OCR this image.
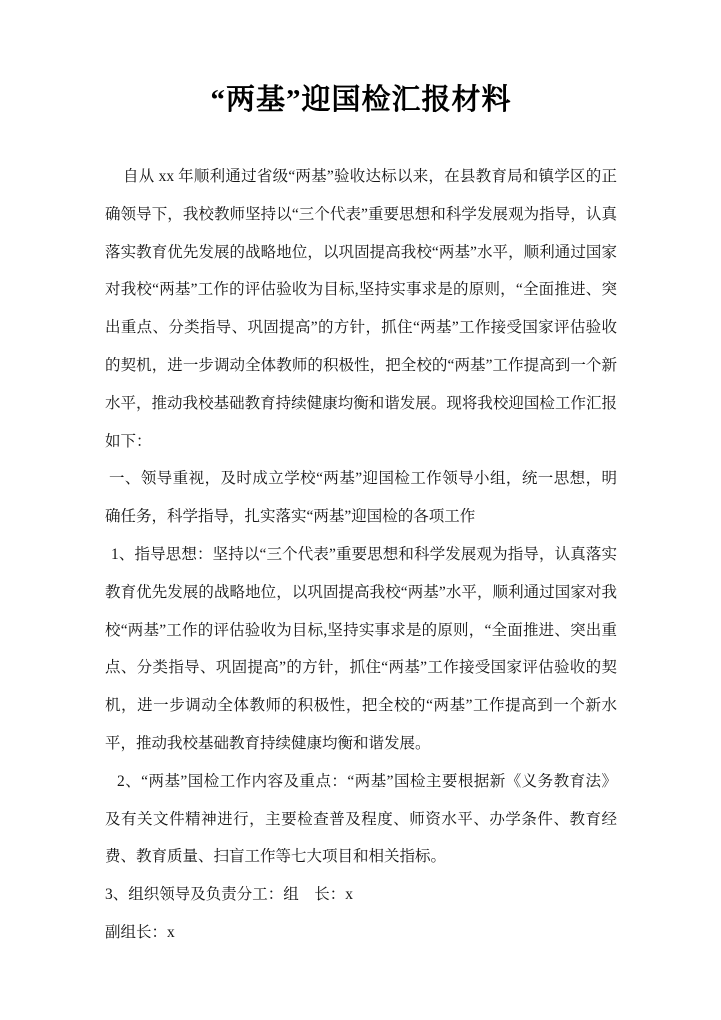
“两基”迎国检汇报材料

自从 xx 年顺利通过省级“两基”验收达标以来，在县教育局和镇学区的正确领导下，我校教师坚持以“三个代表”重要思想和科学发展观为指导，认真落实教育优先发展的战略地位，以巩固提高我校“两基”水平，顺利通过国家对我校“两基”工作的评估验收为目标,坚持实事求是的原则，“全面推进、突出重点、分类指导、巩固提高”的方针，抓住“两基”工作接受国家评估验收的契机，进一步调动全体教师的积极性，把全校的“两基”工作提高到一个新水平，推动我校基础教育持续健康均衡和谐发展。现将我校迎国检工作汇报如下：

一、领导重视，及时成立学校“两基”迎国检工作领导小组，统一思想，明确任务，科学指导，扎实落实“两基”迎国检的各项工作

1、指导思想：坚持以“三个代表”重要思想和科学发展观为指导，认真落实教育优先发展的战略地位，以巩固提高我校“两基”水平，顺利通过国家对我校“两基”工作的评估验收为目标,坚持实事求是的原则，“全面推进、突出重点、分类指导、巩固提高”的方针，抓住“两基”工作接受国家评估验收的契机，进一步调动全体教师的积极性，把全校的“两基”工作提高到一个新水平，推动我校基础教育持续健康均衡和谐发展。

2、“两基”国检工作内容及重点：“两基”国检主要根据新《义务教育法》及有关文件精神进行，主要检查普及程度、师资水平、办学条件、教育经费、教育质量、扫盲工作等七大项目和相关指标。

3、组织领导及负责分工：组　长：x

副组长：x
